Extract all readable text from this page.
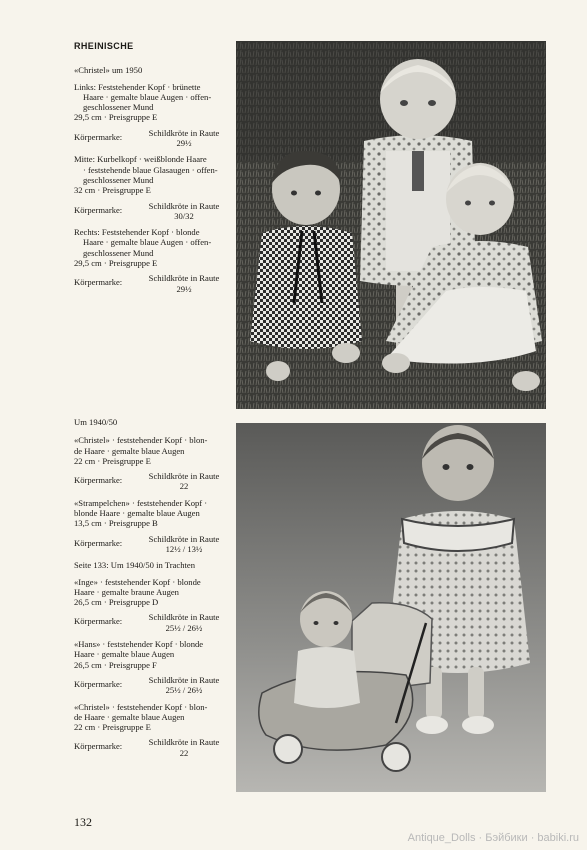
RHEINISCHE
«Christel» um 1950
Links: Feststehender Kopf · brünette
Haare · gemalte blaue Augen · offen-
geschlossener Mund
29,5 cm · Preisgruppe E
Körpermarke:	Schildkröte in Raute
29½
Mitte: Kurbelkopf · weißblonde Haare
· feststehende blaue Glasaugen · offen-
geschlossener Mund
32 cm · Preisgruppe E
Körpermarke:	Schildkröte in Raute
30/32
Rechts: Feststehender Kopf · blonde
Haare · gemalte blaue Augen · offen-
geschlossener Mund
29,5 cm · Preisgruppe E
Körpermarke:	Schildkröte in Raute
29½
Um 1940/50
«Christel» · feststehender Kopf · blon-
de Haare · gemalte blaue Augen
22 cm · Preisgruppe E
Körpermarke:	Schildkröte in Raute
22
«Strampelchen» · feststehender Kopf ·
blonde Haare · gemalte blaue Augen
13,5 cm · Preisgruppe B
Körpermarke:	Schildkröte in Raute
12½ / 13½
Seite 133: Um 1940/50 in Trachten
«Inge» · feststehender Kopf · blonde
Haare · gemalte braune Augen
26,5 cm · Preisgruppe D
Körpermarke:	Schildkröte in Raute
25½ / 26½
«Hans» · feststehender Kopf · blonde
Haare · gemalte blaue Augen
26,5 cm · Preisgruppe F
Körpermarke:	Schildkröte in Raute
25½ / 26½
«Christel» · feststehender Kopf · blon-
de Haare · gemalte blaue Augen
22 cm · Preisgruppe E
Körpermarke:	Schildkröte in Raute
22
132
Antique_Dolls · Бэйбики · babiki.ru
